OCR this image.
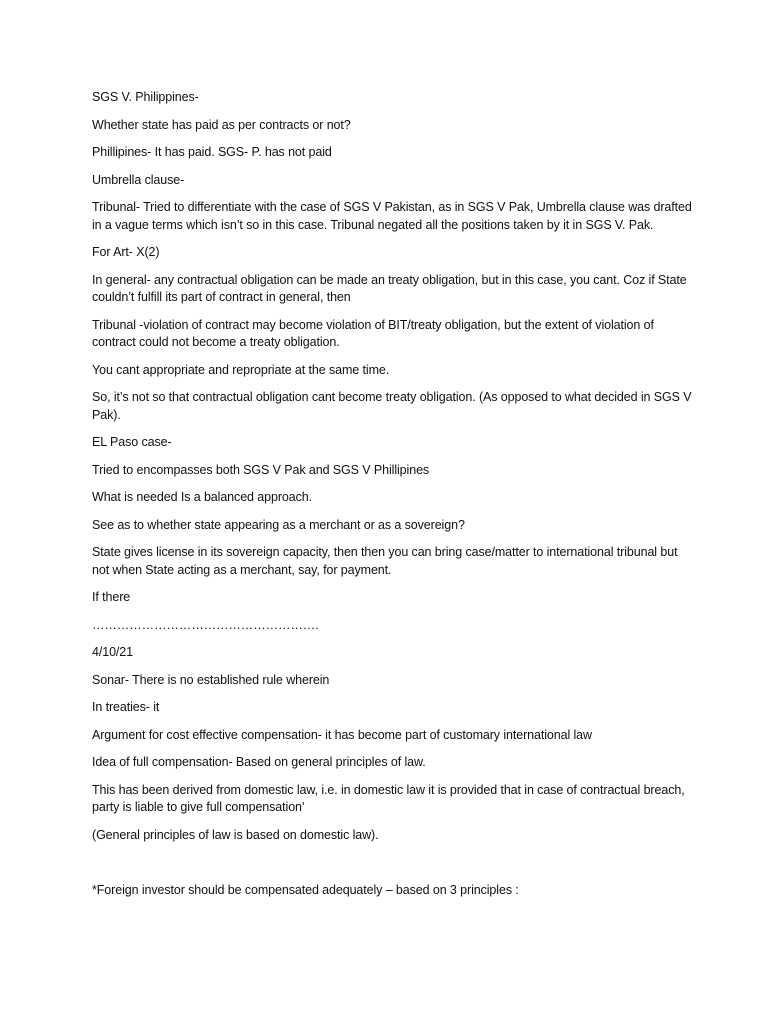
SGS V. Philippines-

Whether state has paid as per contracts or not?

Phillipines- It has paid. SGS- P. has not paid

Umbrella clause-

Tribunal- Tried to differentiate with the case of SGS V Pakistan, as in SGS V Pak, Umbrella clause was drafted in a vague terms which isn’t so in this case. Tribunal negated all the positions taken by it in SGS V. Pak.

For Art- X(2)

In general- any contractual obligation can be made an treaty obligation, but in this case, you cant. Coz if State couldn’t fulfill its part of contract in general, then

Tribunal -violation of contract may become violation of BIT/treaty obligation, but the extent of violation of contract could not become a treaty obligation.

You cant appropriate and repropriate at the same time.

So, it’s not so that contractual obligation cant become treaty obligation. (As opposed to what decided in SGS V Pak).

EL Paso case-

Tried to encompasses both SGS V Pak and SGS V Phillipines

What is needed Is a balanced approach.

See as to whether state appearing as a merchant or as a sovereign?

State gives license in its sovereign capacity, then then you can bring case/matter to international tribunal but not when State acting as a merchant, say, for payment.

If there

……………………………………………….

4/10/21

Sonar- There is no established rule wherein

In treaties- it

Argument for cost effective compensation- it has become part of customary international law

Idea of full compensation- Based on general principles of law.

This has been derived from domestic law, i.e. in domestic law it is provided that in case of contractual breach, party is liable to give full compensation’

(General principles of law is based on domestic law).

*Foreign investor should be compensated adequately – based on 3 principles :
